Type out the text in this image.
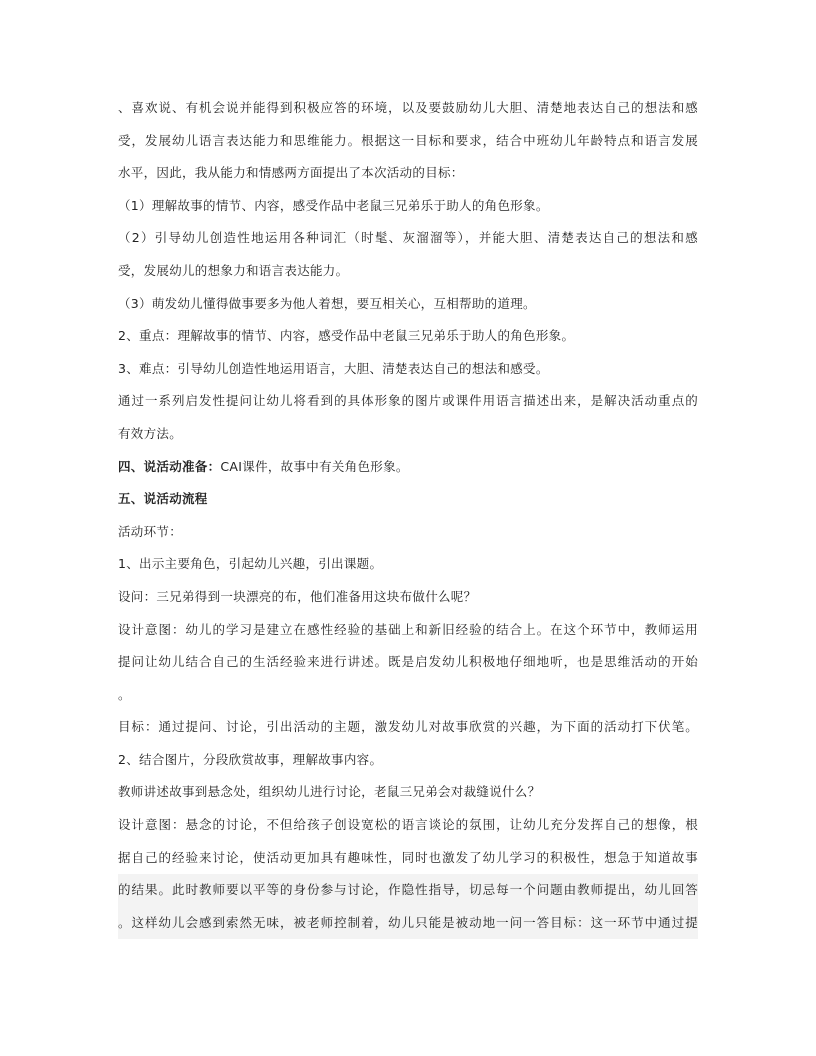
、喜欢说、有机会说并能得到积极应答的环境，以及要鼓励幼儿大胆、清楚地表达自己的想法和感

受，发展幼儿语言表达能力和思维能力。根据这一目标和要求，结合中班幼儿年龄特点和语言发展

水平，因此，我从能力和情感两方面提出了本次活动的目标：

（1）理解故事的情节、内容，感受作品中老鼠三兄弟乐于助人的角色形象。

（2）引导幼儿创造性地运用各种词汇（时髦、灰溜溜等），并能大胆、清楚表达自己的想法和感

受，发展幼儿的想象力和语言表达能力。

（3）萌发幼儿懂得做事要多为他人着想，要互相关心，互相帮助的道理。

2、重点：理解故事的情节、内容，感受作品中老鼠三兄弟乐于助人的角色形象。

3、难点：引导幼儿创造性地运用语言，大胆、清楚表达自己的想法和感受。

通过一系列启发性提问让幼儿将看到的具体形象的图片或课件用语言描述出来，是解决活动重点的

有效方法。

四、说活动准备：CAI课件，故事中有关角色形象。

五、说活动流程

活动环节：

1、出示主要角色，引起幼儿兴趣，引出课题。

设问：三兄弟得到一块漂亮的布，他们准备用这块布做什么呢？

设计意图：幼儿的学习是建立在感性经验的基础上和新旧经验的结合上。在这个环节中，教师运用

提问让幼儿结合自己的生活经验来进行讲述。既是启发幼儿积极地仔细地听，也是思维活动的开始

。

目标：通过提问、讨论，引出活动的主题，激发幼儿对故事欣赏的兴趣，为下面的活动打下伏笔。

2、结合图片，分段欣赏故事，理解故事内容。

教师讲述故事到悬念处，组织幼儿进行讨论，老鼠三兄弟会对裁缝说什么？

设计意图：悬念的讨论，不但给孩子创设宽松的语言谈论的氛围，让幼儿充分发挥自己的想像，根

据自己的经验来讨论，使活动更加具有趣味性，同时也激发了幼儿学习的积极性，想急于知道故事

的结果。此时教师要以平等的身份参与讨论，作隐性指导，切忌每一个问题由教师提出，幼儿回答

。这样幼儿会感到索然无味，被老师控制着，幼儿只能是被动地一问一答目标：这一环节中通过提
